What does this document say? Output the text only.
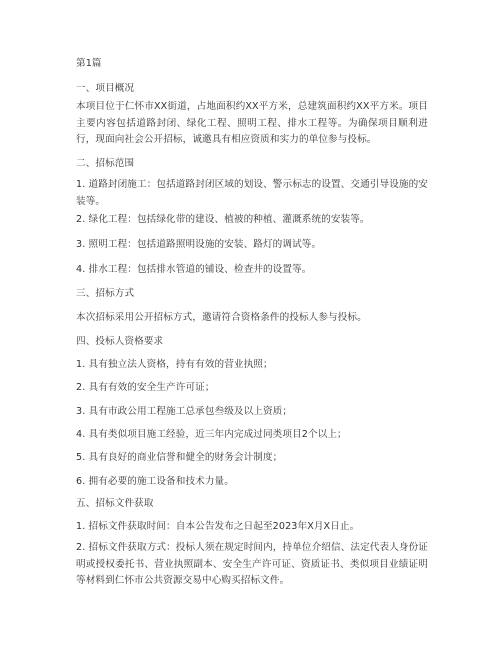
第1篇
一、项目概况
本项目位于仁怀市XX街道，占地面积约XX平方米，总建筑面积约XX平方米。项目主要内容包括道路封闭、绿化工程、照明工程、排水工程等。为确保项目顺利进行，现面向社会公开招标，诚邀具有相应资质和实力的单位参与投标。
二、招标范围
1. 道路封闭施工：包括道路封闭区域的划设、警示标志的设置、交通引导设施的安装等。
2. 绿化工程：包括绿化带的建设、植被的种植、灌溉系统的安装等。
3. 照明工程：包括道路照明设施的安装、路灯的调试等。
4. 排水工程：包括排水管道的铺设、检查井的设置等。
三、招标方式
本次招标采用公开招标方式，邀请符合资格条件的投标人参与投标。
四、投标人资格要求
1. 具有独立法人资格，持有有效的营业执照；
2. 具有有效的安全生产许可证；
3. 具有市政公用工程施工总承包叁级及以上资质；
4. 具有类似项目施工经验，近三年内完成过同类项目2个以上；
5. 具有良好的商业信誉和健全的财务会计制度；
6. 拥有必要的施工设备和技术力量。
五、招标文件获取
1. 招标文件获取时间：自本公告发布之日起至2023年X月X日止。
2. 招标文件获取方式：投标人须在规定时间内，持单位介绍信、法定代表人身份证明或授权委托书、营业执照副本、安全生产许可证、资质证书、类似项目业绩证明等材料到仁怀市公共资源交易中心购买招标文件。
